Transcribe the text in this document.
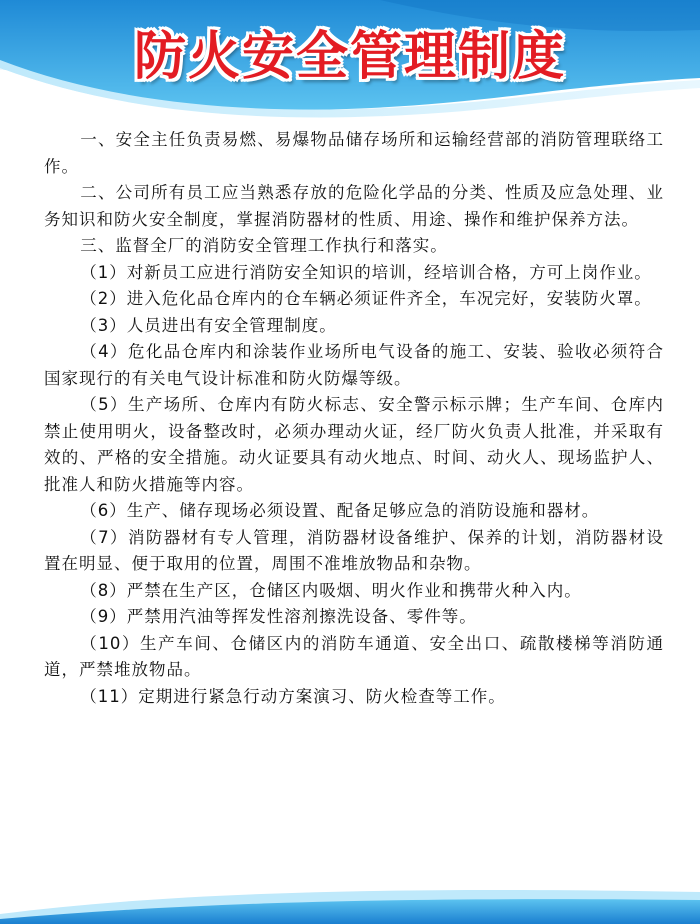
防火安全管理制度

一、安全主任负责易燃、易爆物品储存场所和运输经营部的消防管理联络工作。

二、公司所有员工应当熟悉存放的危险化学品的分类、性质及应急处理、业务知识和防火安全制度，掌握消防器材的性质、用途、操作和维护保养方法。

三、监督全厂的消防安全管理工作执行和落实。

（1）对新员工应进行消防安全知识的培训，经培训合格，方可上岗作业。

（2）进入危化品仓库内的仓车辆必须证件齐全，车况完好，安装防火罩。

（3）人员进出有安全管理制度。

（4）危化品仓库内和涂装作业场所电气设备的施工、安装、验收必须符合国家现行的有关电气设计标准和防火防爆等级。

（5）生产场所、仓库内有防火标志、安全警示标示牌；生产车间、仓库内禁止使用明火，设备整改时，必须办理动火证，经厂防火负责人批准，并采取有效的、严格的安全措施。动火证要具有动火地点、时间、动火人、现场监护人、批准人和防火措施等内容。

（6）生产、储存现场必须设置、配备足够应急的消防设施和器材。

（7）消防器材有专人管理，消防器材设备维护、保养的计划，消防器材设置在明显、便于取用的位置，周围不准堆放物品和杂物。

（8）严禁在生产区，仓储区内吸烟、明火作业和携带火种入内。

（9）严禁用汽油等挥发性溶剂擦洗设备、零件等。

（10）生产车间、仓储区内的消防车通道、安全出口、疏散楼梯等消防通道，严禁堆放物品。

（11）定期进行紧急行动方案演习、防火检查等工作。
